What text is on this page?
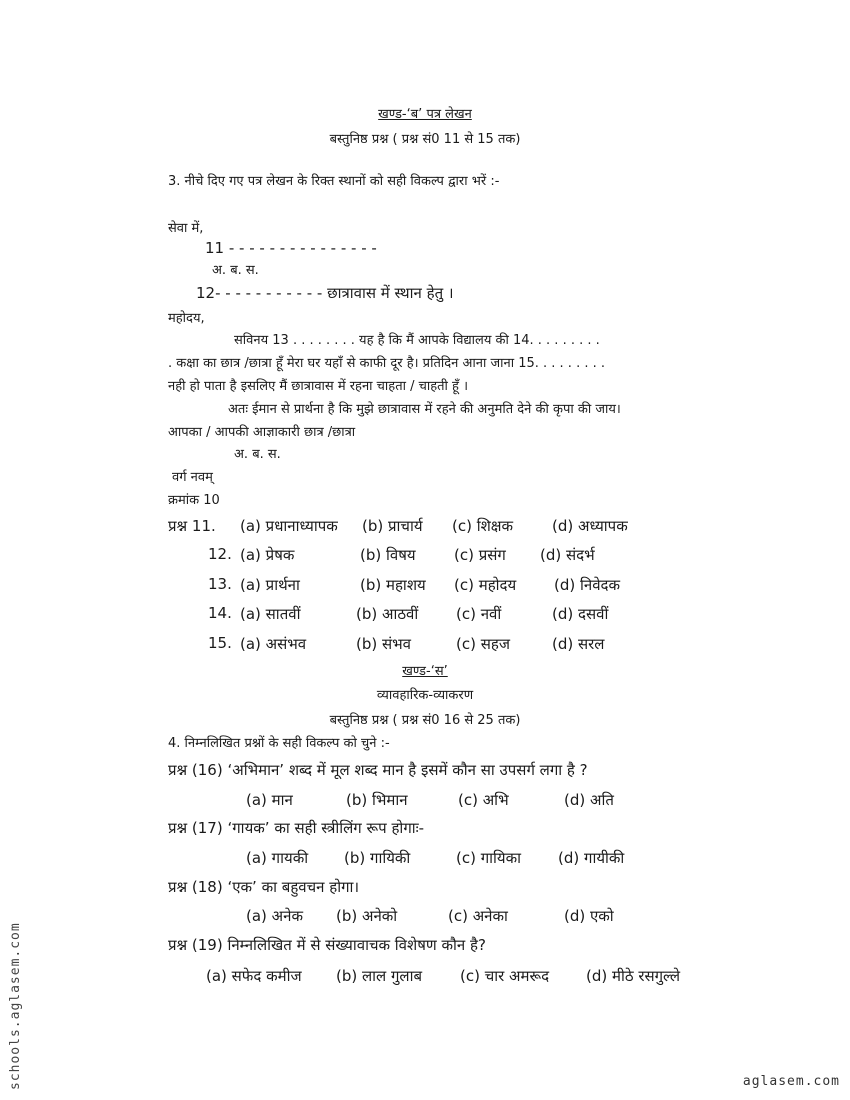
खण्ड-‘ब’ पत्र लेखन
बस्तुनिष्ठ प्रश्न ( प्रश्न सं0 11 से 15 तक)
3. नीचे दिए गए पत्र लेखन के रिक्त स्थानों को सही विकल्प द्वारा भरें :-
सेवा में,
11 - - - - - - - - - - - - - - -
अ. ब. स.
12- - - - - - - - - - - छात्रावास में स्थान हेतु ।
महोदय,
सविनय 13 . . . . . . . . यह है कि मैं आपके विद्यालय की 14. . . . . . . . .
. कक्षा का छात्र /छात्रा हूँ मेरा घर यहाँ से काफी दूर है। प्रतिदिन आना जाना 15. . . . . . . . .
नही हो पाता है इसलिए मैं छात्रावास में रहना चाहता / चाहती हूँ ।
अतः ईमान से प्रार्थना है कि मुझे छात्रावास में रहने की अनुमति देने की कृपा की जाय।
आपका / आपकी आज्ञाकारी छात्र /छात्रा
अ. ब. स.
वर्ग नवम्
क्रमांक 10
प्रश्न 11. (a) प्रधानाध्यापक (b) प्राचार्य (c) शिक्षक	(d) अध्यापक
12. (a) प्रेषक	(b) विषय	(c) प्रसंग (d) संदर्भ
13. (a) प्रार्थना	(b) महाशय (c) महोदय	(d) निवेदक
14. (a) सातवीं	(b) आठवीं	(c) नवीं	(d) दसवीं
15. (a) असंभव	(b) संभव	(c) सहज	(d) सरल
खण्ड-‘स’
व्यावहारिक-व्याकरण
बस्तुनिष्ठ प्रश्न ( प्रश्न सं0 16 से 25 तक)
4. निम्नलिखित प्रश्नों के सही विकल्प को चुने :-
प्रश्न (16) ‘अभिमान’ शब्द में मूल शब्द मान है इसमें कौन सा उपसर्ग लगा है ?
(a) मान	(b) भिमान	(c) अभि	(d) अति
प्रश्न (17) ‘गायक’ का सही स्त्रीलिंग रूप होगाः-
(a) गायकी (b) गायिकी	(c) गायिका (d) गायीकी
प्रश्न (18) ‘एक’ का बहुवचन होगा।
(a) अनेक (b) अनेको	(c) अनेका	(d) एको
प्रश्न (19) निम्नलिखित में से संख्यावाचक विशेषण कौन है?
(a) सफेद कमीज (b) लाल गुलाब	(c) चार अमरूद (d) मीठे रसगुल्ले
schools.aglasem.com	aglasem.com
